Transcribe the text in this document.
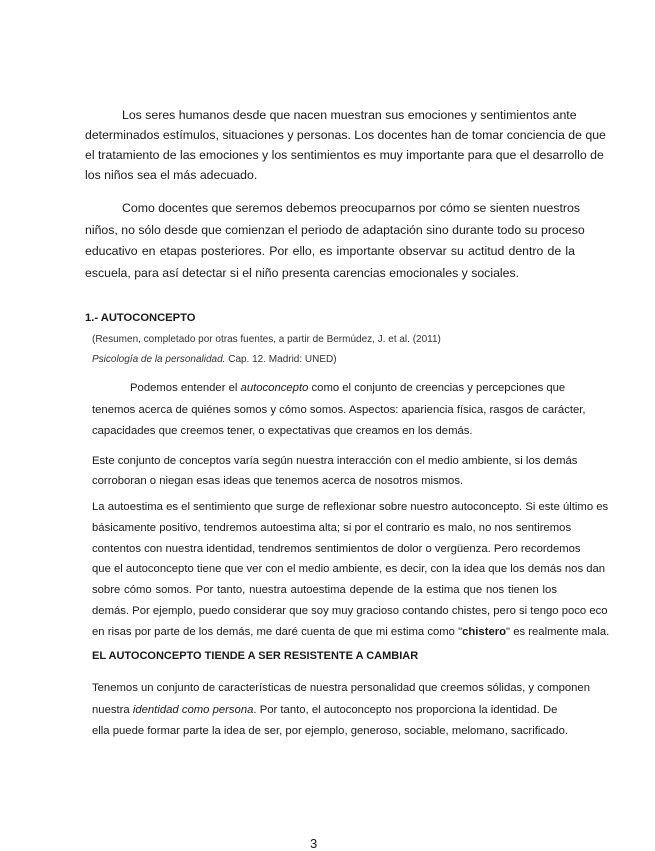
Los seres humanos desde que nacen muestran sus emociones y sentimientos ante
determinados estímulos, situaciones y personas. Los docentes han de tomar conciencia de que
el tratamiento de las emociones y los sentimientos es muy importante para que el desarrollo de
los niños sea el más adecuado.
Como docentes que seremos debemos preocuparnos por cómo se sienten nuestros
niños, no sólo desde que comienzan el periodo de adaptación sino durante todo su proceso
educativo en etapas posteriores. Por ello, es importante observar su actitud dentro de la
escuela, para así detectar si el niño presenta carencias emocionales y sociales.
1.- AUTOCONCEPTO
(Resumen, completado por otras fuentes, a partir de Bermúdez, J. et al. (2011)
Psicología de la personalidad. Cap. 12. Madrid: UNED)
Podemos entender el autoconcepto como el conjunto de creencias y percepciones que
tenemos acerca de quiénes somos y cómo somos. Aspectos: apariencia física, rasgos de carácter,
capacidades que creemos tener, o expectativas que creamos en los demás.
Este conjunto de conceptos varía según nuestra interacción con el medio ambiente, si los demás
corroboran o niegan esas ideas que tenemos acerca de nosotros mismos.
La autoestima es el sentimiento que surge de reflexionar sobre nuestro autoconcepto. Si este último es
básicamente positivo, tendremos autoestima alta; si por el contrario es malo, no nos sentiremos
contentos con nuestra identidad, tendremos sentimientos de dolor o vergüenza. Pero recordemos
que el autoconcepto tiene que ver con el medio ambiente, es decir, con la idea que los demás nos dan
sobre cómo somos. Por tanto, nuestra autoestima depende de la estima que nos tienen los
demás. Por ejemplo, puedo considerar que soy muy gracioso contando chistes, pero si tengo poco eco
en risas por parte de los demás, me daré cuenta de que mi estima como "chistero" es realmente mala.
EL AUTOCONCEPTO TIENDE A SER RESISTENTE A CAMBIAR
Tenemos un conjunto de características de nuestra personalidad que creemos sólidas, y componen
nuestra identidad como persona. Por tanto, el autoconcepto nos proporciona la identidad. De
ella puede formar parte la idea de ser, por ejemplo, generoso, sociable, melomano, sacrificado.
3
